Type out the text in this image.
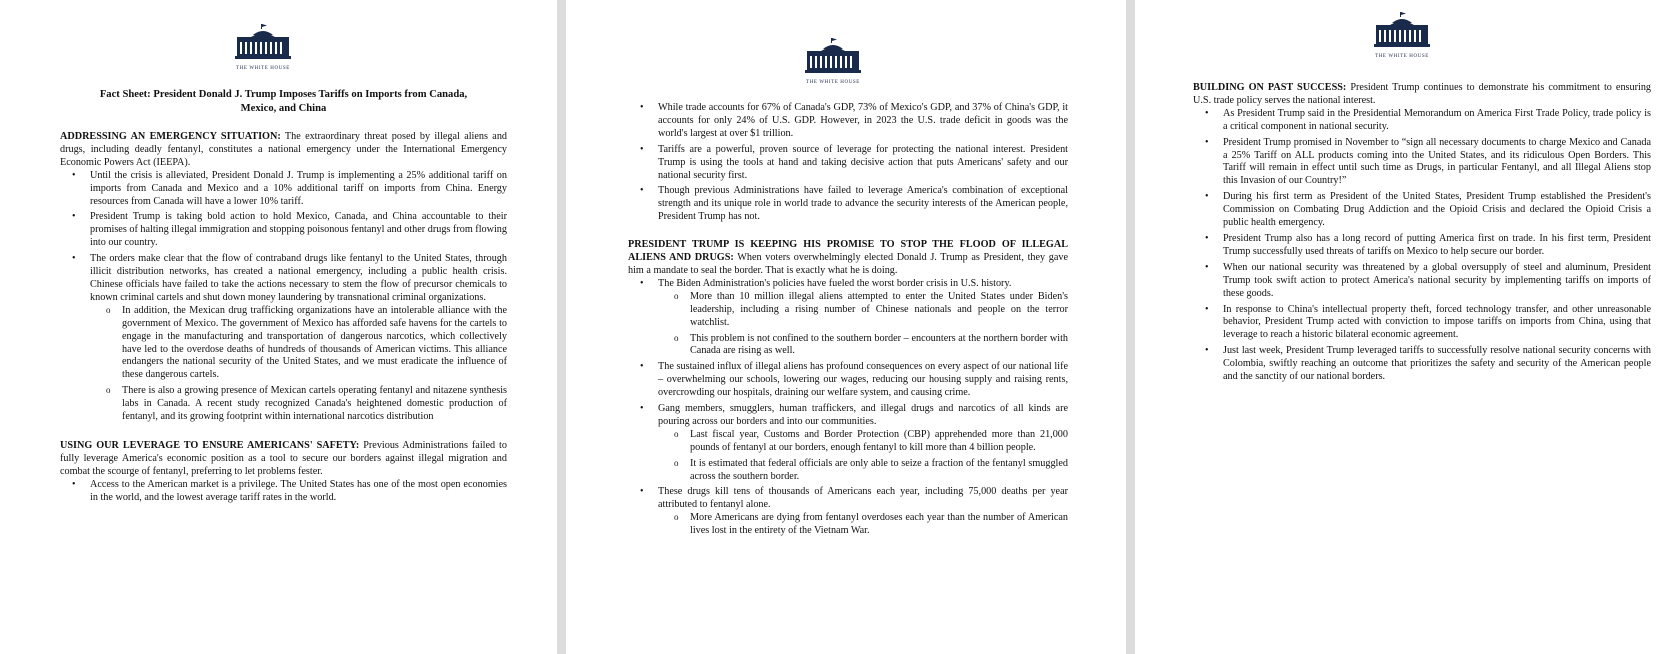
THE WHITE HOUSE

Fact Sheet: President Donald J. Trump Imposes Tariffs on Imports from Canada, Mexico, and China

ADDRESSING AN EMERGENCY SITUATION: The extraordinary threat posed by illegal aliens and drugs, including deadly fentanyl, constitutes a national emergency under the International Emergency Economic Powers Act (IEEPA).

• Until the crisis is alleviated, President Donald J. Trump is implementing a 25% additional tariff on imports from Canada and Mexico and a 10% additional tariff on imports from China. Energy resources from Canada will have a lower 10% tariff.
• President Trump is taking bold action to hold Mexico, Canada, and China accountable to their promises of halting illegal immigration and stopping poisonous fentanyl and other drugs from flowing into our country.
• The orders make clear that the flow of contraband drugs like fentanyl to the United States, through illicit distribution networks, has created a national emergency, including a public health crisis. Chinese officials have failed to take the actions necessary to stem the flow of precursor chemicals to known criminal cartels and shut down money laundering by transnational criminal organizations.
o In addition, the Mexican drug trafficking organizations have an intolerable alliance with the government of Mexico. The government of Mexico has afforded safe havens for the cartels to engage in the manufacturing and transportation of dangerous narcotics, which collectively have led to the overdose deaths of hundreds of thousands of American victims. This alliance endangers the national security of the United States, and we must eradicate the influence of these dangerous cartels.
o There is also a growing presence of Mexican cartels operating fentanyl and nitazene synthesis labs in Canada. A recent study recognized Canada's heightened domestic production of fentanyl, and its growing footprint within international narcotics distribution

USING OUR LEVERAGE TO ENSURE AMERICANS' SAFETY: Previous Administrations failed to fully leverage America's economic position as a tool to secure our borders against illegal migration and combat the scourge of fentanyl, preferring to let problems fester.

• Access to the American market is a privilege. The United States has one of the most open economies in the world, and the lowest average tariff rates in the world.
THE WHITE HOUSE
• While trade accounts for 67% of Canada's GDP, 73% of Mexico's GDP, and 37% of China's GDP, it accounts for only 24% of U.S. GDP. However, in 2023 the U.S. trade deficit in goods was the world's largest at over $1 trillion.
• Tariffs are a powerful, proven source of leverage for protecting the national interest. President Trump is using the tools at hand and taking decisive action that puts Americans' safety and our national security first.
• Though previous Administrations have failed to leverage America's combination of exceptional strength and its unique role in world trade to advance the security interests of the American people, President Trump has not.

PRESIDENT TRUMP IS KEEPING HIS PROMISE TO STOP THE FLOOD OF ILLEGAL ALIENS AND DRUGS: When voters overwhelmingly elected Donald J. Trump as President, they gave him a mandate to seal the border. That is exactly what he is doing.

• The Biden Administration's policies have fueled the worst border crisis in U.S. history.
o More than 10 million illegal aliens attempted to enter the United States under Biden's leadership, including a rising number of Chinese nationals and people on the terror watchlist.
o This problem is not confined to the southern border – encounters at the northern border with Canada are rising as well.
• The sustained influx of illegal aliens has profound consequences on every aspect of our national life – overwhelming our schools, lowering our wages, reducing our housing supply and raising rents, overcrowding our hospitals, draining our welfare system, and causing crime.
• Gang members, smugglers, human traffickers, and illegal drugs and narcotics of all kinds are pouring across our borders and into our communities.
o Last fiscal year, Customs and Border Protection (CBP) apprehended more than 21,000 pounds of fentanyl at our borders, enough fentanyl to kill more than 4 billion people.
o It is estimated that federal officials are only able to seize a fraction of the fentanyl smuggled across the southern border.
• These drugs kill tens of thousands of Americans each year, including 75,000 deaths per year attributed to fentanyl alone.
o More Americans are dying from fentanyl overdoses each year than the number of American lives lost in the entirety of the Vietnam War.
THE WHITE HOUSE

BUILDING ON PAST SUCCESS: President Trump continues to demonstrate his commitment to ensuring U.S. trade policy serves the national interest.

• As President Trump said in the Presidential Memorandum on America First Trade Policy, trade policy is a critical component in national security.
• President Trump promised in November to “sign all necessary documents to charge Mexico and Canada a 25% Tariff on ALL products coming into the United States, and its ridiculous Open Borders. This Tariff will remain in effect until such time as Drugs, in particular Fentanyl, and all Illegal Aliens stop this Invasion of our Country!”
• During his first term as President of the United States, President Trump established the President's Commission on Combating Drug Addiction and the Opioid Crisis and declared the Opioid Crisis a public health emergency.
• President Trump also has a long record of putting America first on trade. In his first term, President Trump successfully used threats of tariffs on Mexico to help secure our border.
• When our national security was threatened by a global oversupply of steel and aluminum, President Trump took swift action to protect America's national security by implementing tariffs on imports of these goods.
• In response to China's intellectual property theft, forced technology transfer, and other unreasonable behavior, President Trump acted with conviction to impose tariffs on imports from China, using that leverage to reach a historic bilateral economic agreement.
• Just last week, President Trump leveraged tariffs to successfully resolve national security concerns with Colombia, swiftly reaching an outcome that prioritizes the safety and security of the American people and the sanctity of our national borders.
